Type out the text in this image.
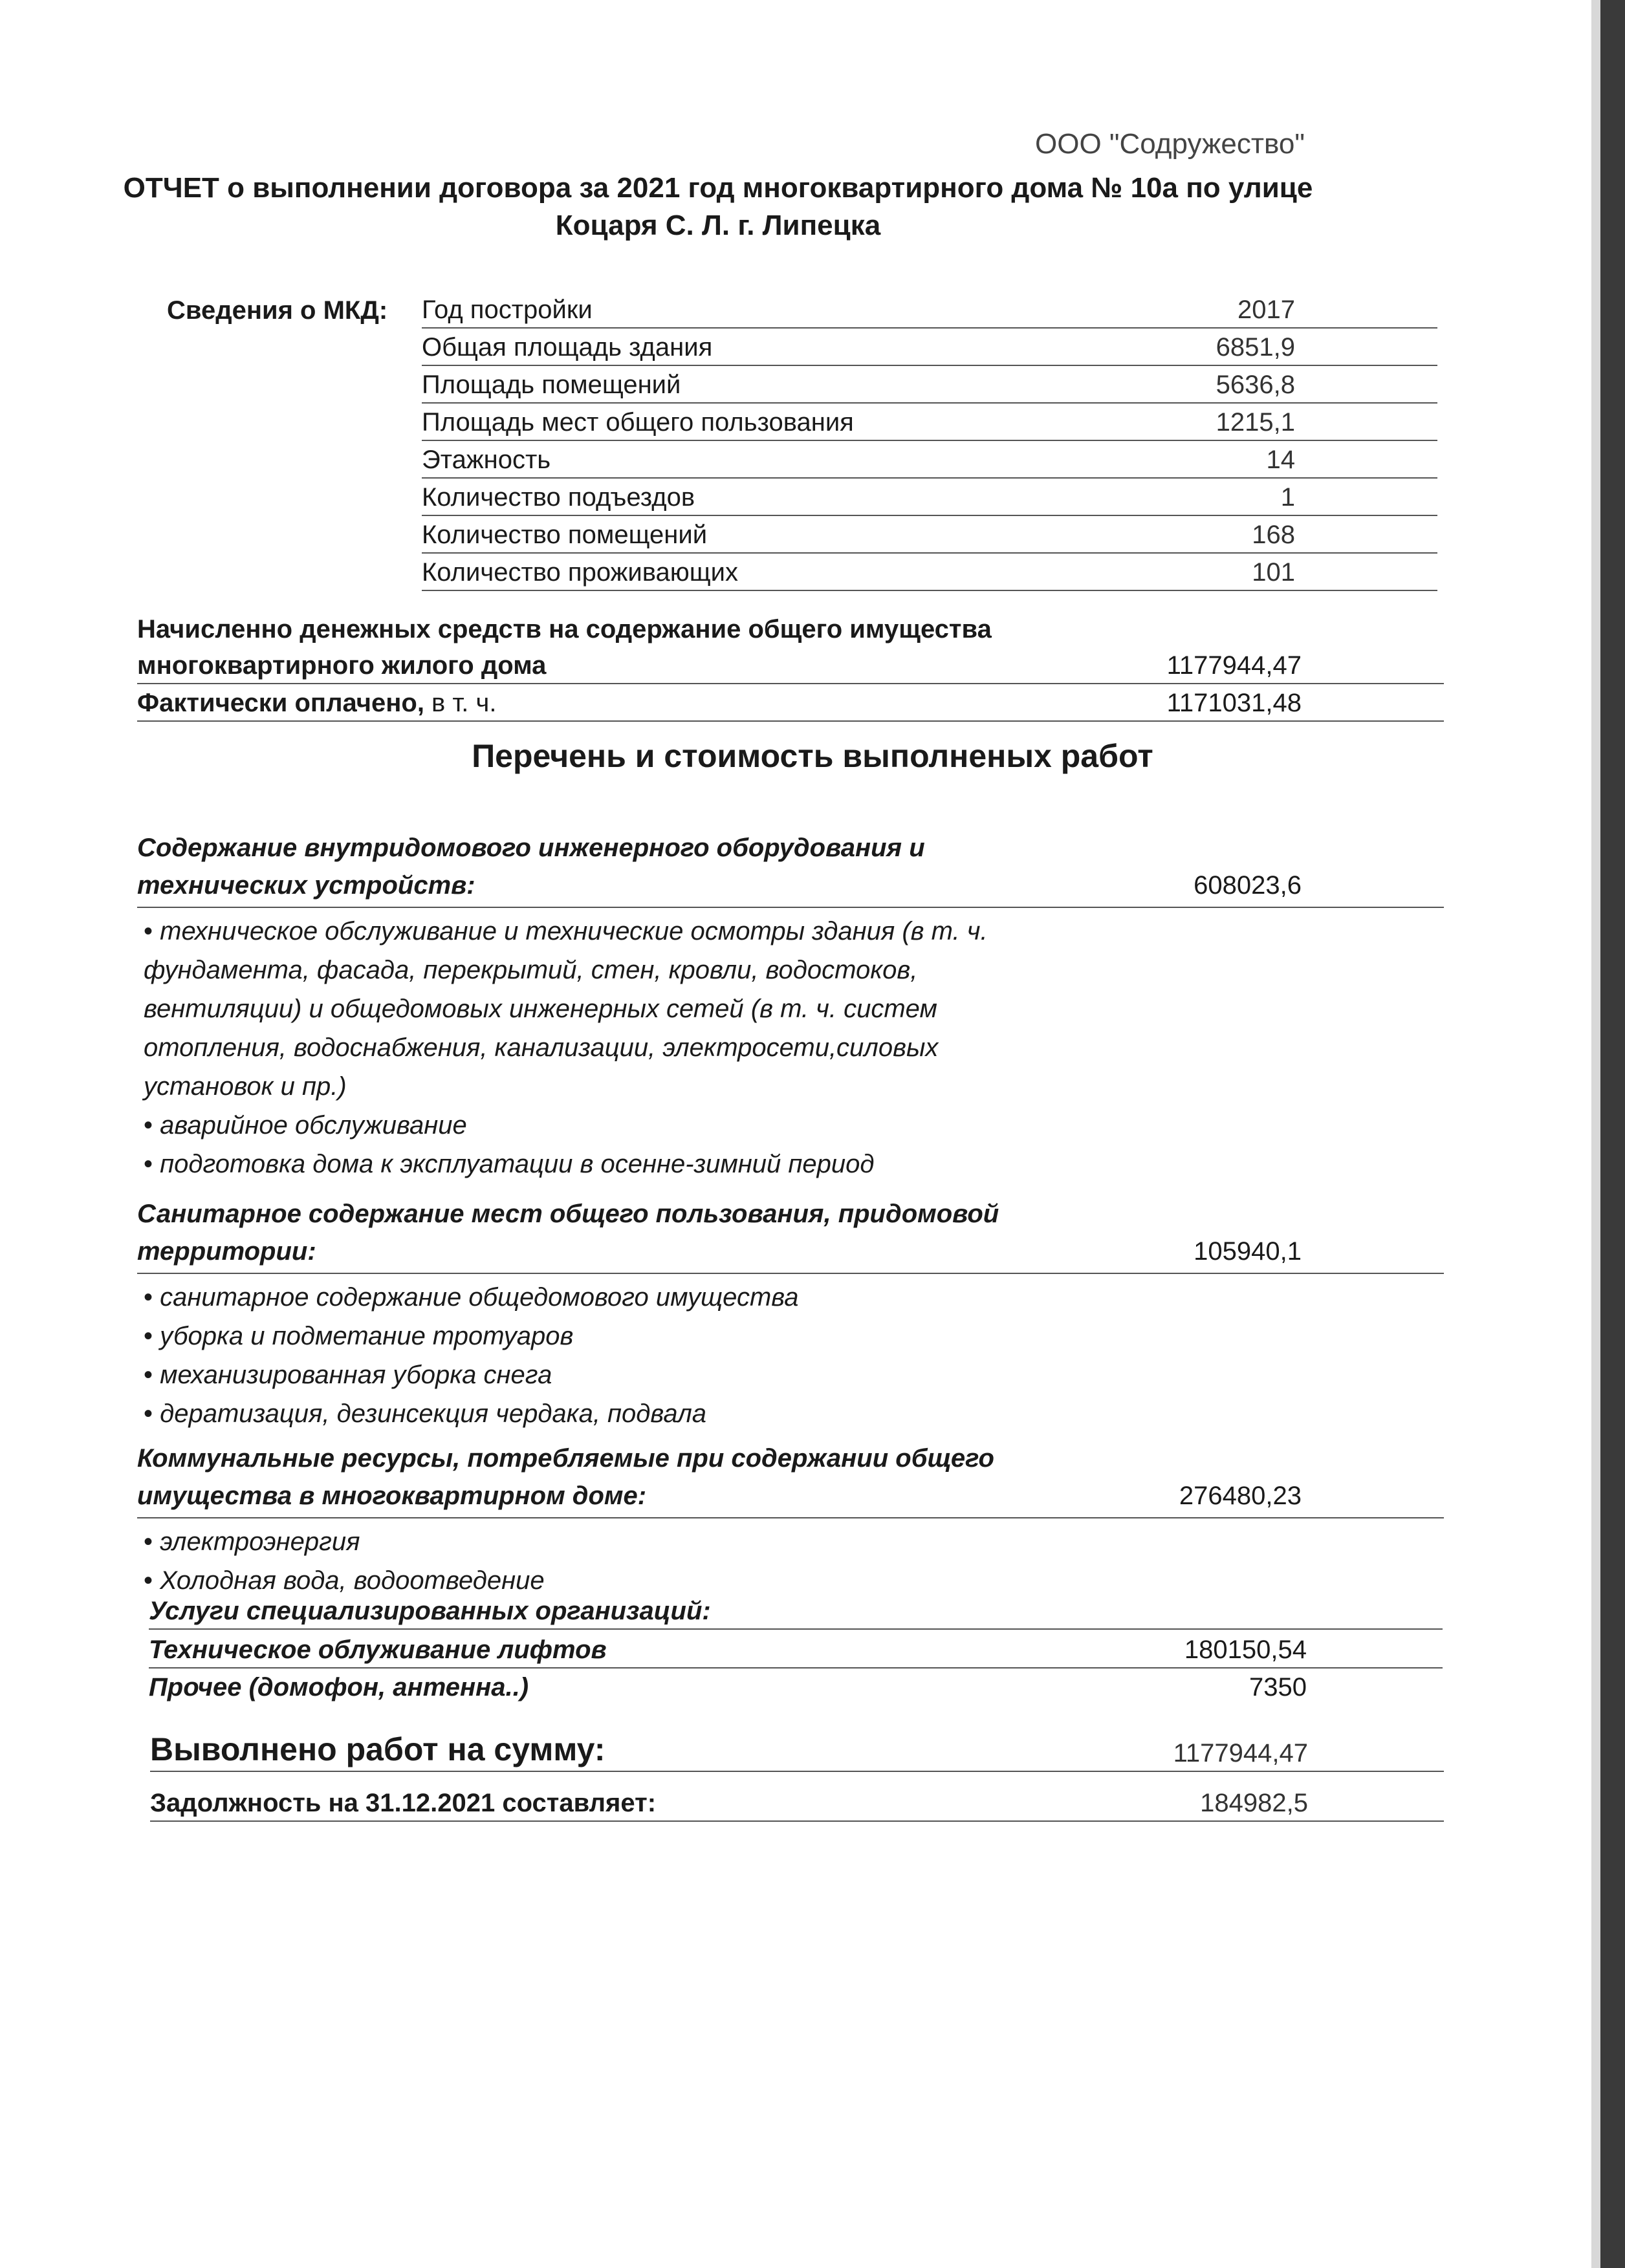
ООО "Содружество"
ОТЧЕТ о выполнении договора за 2021 год многоквартирного дома № 10а по улице
Коцаря С. Л. г. Липецка
Сведения о МКД: Год постройки	2017
Общая площадь здания	6851,9
Площадь помещений	5636,8
Площадь мест общего пользования	1215,1
Этажность	14
Количество подъездов	1
Количество помещений	168
Количество проживающих	101
Начисленно денежных средств на содержание общего имущества
многоквартирного жилого дома	1177944,47
Фактически оплачено, в т. ч.	1171031,48
Перечень и стоимость выполненых работ
Содержание внутридомового инженерного оборудования и
технических устройств:	608023,6
• техническое обслуживание и технические осмотры здания (в т. ч. фундамента, фасада, перекрытий, стен, кровли, водостоков, вентиляции) и общедомовых инженерных сетей (в т. ч. систем отопления, водоснабжения, канализации, электросети,силовых установок и пр.)
• аварийное обслуживание
• подготовка дома к эксплуатации в осенне-зимний период
Санитарное содержание мест общего пользования, придомовой
территории:	105940,1
• санитарное содержание общедомового имущества
• уборка и подметание тротуаров
• механизированная уборка снега
• дератизация, дезинсекция чердака, подвала
Коммунальные ресурсы, потребляемые при содержании общего
имущества в многоквартирном доме:	276480,23
• электроэнергия
• Холодная вода, водоотведение
Услуги специализированных организаций:
Техническое облуживание лифтов	180150,54
Прочее (домофон, антенна..)	7350
Выволнено работ на сумму:	1177944,47
Задолжность на 31.12.2021 составляет:	184982,5
